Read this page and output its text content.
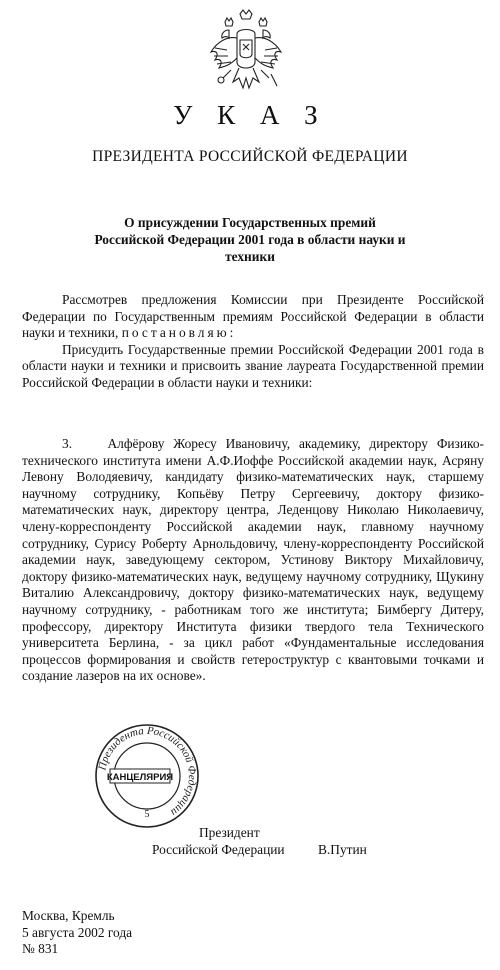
У К А З
ПРЕЗИДЕНТА РОССИЙСКОЙ ФЕДЕРАЦИИ
О присуждении Государственных премий
Российской Федерации 2001 года в области науки и
техники

Рассмотрев предложения Комиссии при Президенте Российской Федерации по Государственным премиям Российской Федерации в области науки и техники, постановляю:

Присудить Государственные премии Российской Федерации 2001 года в области науки и техники и присвоить звание лауреата Государственной премии Российской Федерации в области науки и техники:

3.	Алфёрову Жоресу Ивановичу, академику, директору Физико-технического института имени А.Ф.Иоффе Российской академии наук, Асряну Левону Володяевичу, кандидату физико-математических наук, старшему научному сотруднику, Копьёву Петру Сергеевичу, доктору физико-математических наук, директору центра, Леденцову Николаю Николаевичу, члену-корреспонденту Российской академии наук, главному научному сотруднику, Сурису Роберту Арнольдовичу, члену-корреспонденту Российской академии наук, заведующему сектором, Устинову Виктору Михайловичу, доктору физико-математических наук, ведущему научному сотруднику, Щукину Виталию Александровичу, доктору физико-математических наук, ведущему научному сотруднику, - работникам того же института; Бимбергу Дитеру, профессору, директору Института физики твердого тела Технического университета Берлина, - за цикл работ «Фундаментальные исследования процессов формирования и свойств гетероструктур с квантовыми точками и создание лазеров на их основе».

Президента Российской Федерации
КАНЦЕЛЯРИЯ
5
Президент
Российской Федерации В.Путин
Москва, Кремль
5 августа 2002 года
№ 831
